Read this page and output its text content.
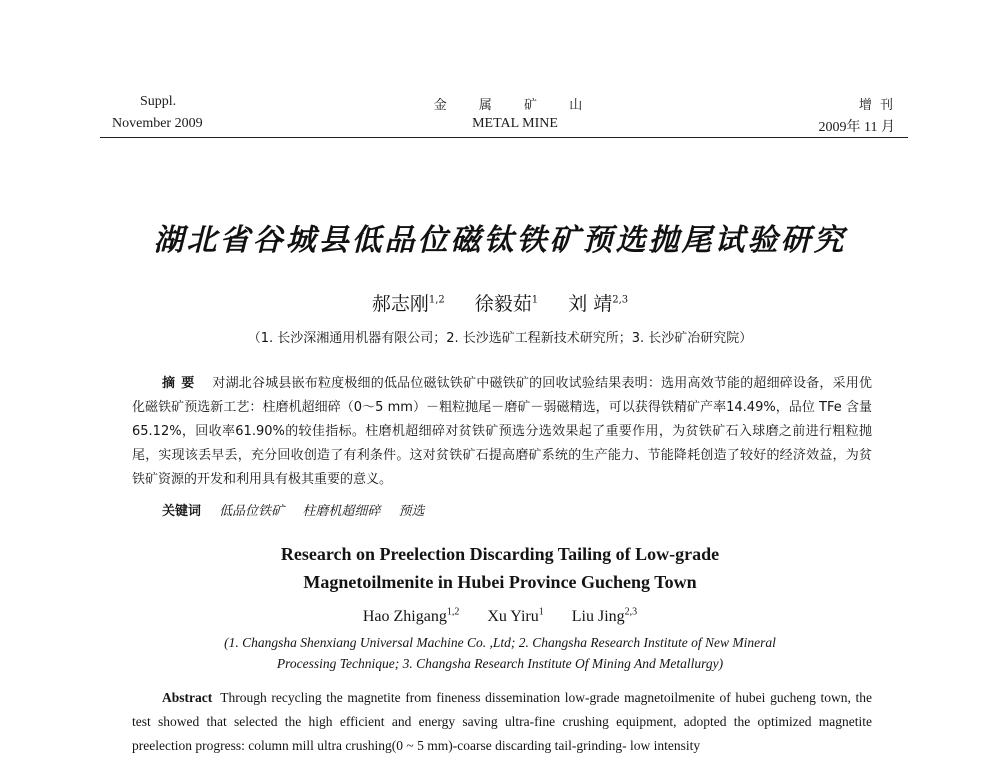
Suppl.
November 2009
金 属 矿 山
METAL MINE
增 刊
2009年 11 月
湖北省谷城县低品位磁钛铁矿预选抛尾试验研究
郝志刚$^{1,2}$ 徐毅茹$^1$ 刘 靖$^{2,3}$
（1. 长沙深湘通用机器有限公司；2. 长沙选矿工程新技术研究所；3. 长沙矿冶研究院）
摘要 对湖北谷城县嵌布粒度极细的低品位磁钛铁矿中磁铁矿的回收试验结果表明：选用高效节能的超细碎设备，采用优化磁铁矿预选新工艺：柱磨机超细碎（0～5 mm）－粗粒抛尾－磨矿－弱磁精选，可以获得铁精矿产率14.49%，品位 TFe 含量65.12%，回收率61.90%的较佳指标。柱磨机超细碎对贫铁矿预选分选效果起了重要作用，为贫铁矿石入球磨之前进行粗粒抛尾，实现该丢早丢，充分回收创造了有利条件。这对贫铁矿石提高磨矿系统的生产能力、节能降耗创造了较好的经济效益，为贫铁矿资源的开发和利用具有极其重要的意义。
关键词 低品位铁矿 柱磨机超细碎 预选
Research on Preelection Discarding Tailing of Low-grade
Magnetoilmenite in Hubei Province Gucheng Town
Hao Zhigang$^{1,2}$ Xu Yiru$^1$ Liu Jing$^{2,3}$
(1. Changsha Shenxiang Universal Machine Co. ,Ltd; 2. Changsha Research Institute of New Mineral
Processing Technique; 3. Changsha Research Institute Of Mining And Metallurgy)
Abstract Through recycling the magnetite from fineness dissemination low-grade magnetoilmenite of hubei gucheng town, the test showed that selected the high efficient and energy saving ultra-fine crushing equipment, adopted the optimized magnetite preelection progress: column mill ultra crushing(0 ~ 5 mm)-coarse discarding tail-grinding- low intensity
